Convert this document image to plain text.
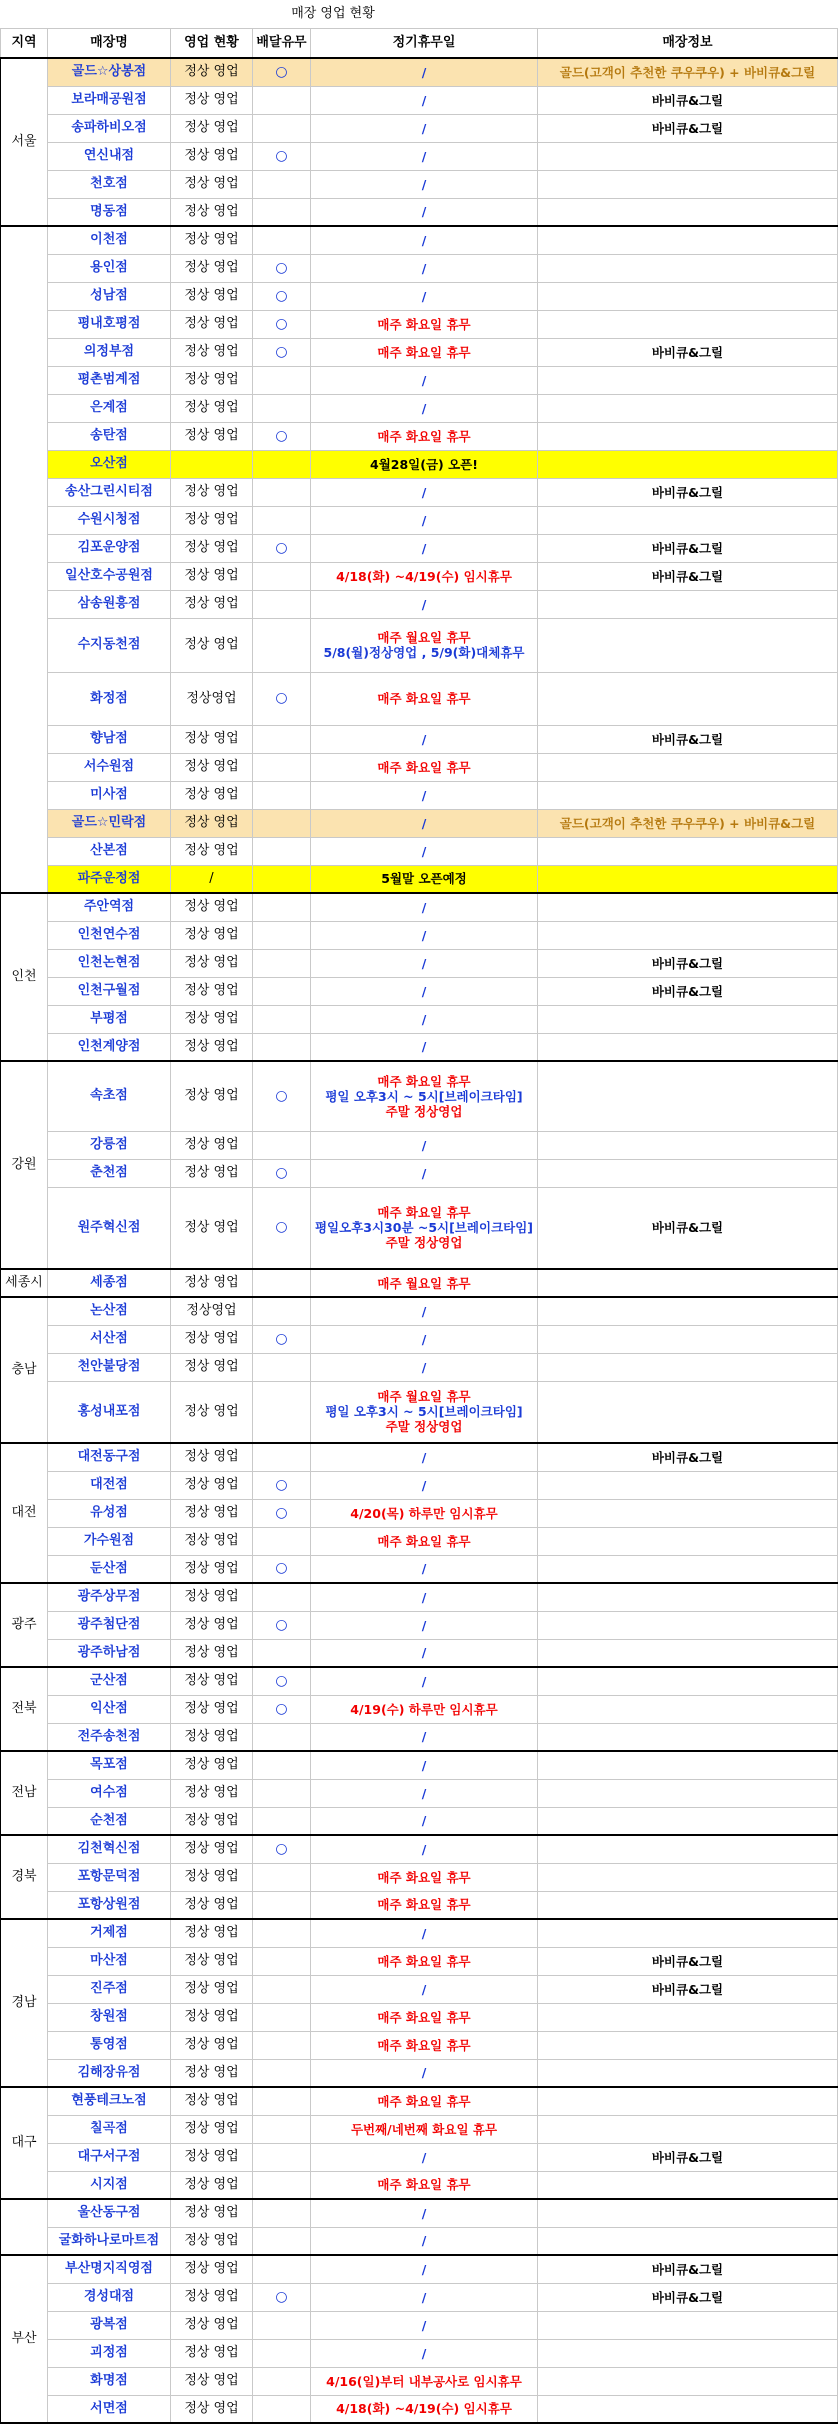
매장 영업 현황
지역	매장명	영업 현황	배달유무	정기휴무일	매장정보
서울	골드☆상봉점	정상 영업	○	/	골드(고객이 추천한 쿠우쿠우) + 바비큐&그릴
	보라매공원점	정상 영업		/	바비큐&그릴
	송파하비오점	정상 영업		/	바비큐&그릴
	연신내점	정상 영업	○	/	

	천호점	정상 영업		/	

	명동점	정상 영업		/	

	이천점	정상 영업		/	

	용인점	정상 영업	○	/	

	성남점	정상 영업	○	/	

	평내호평점	정상 영업	○	매주 화요일 휴무	

	의정부점	정상 영업	○	매주 화요일 휴무	바비큐&그릴
	평촌범계점	정상 영업		/	

	은계점	정상 영업		/	

	송탄점	정상 영업	○	매주 화요일 휴무	

	오산점			4월28일(금) 오픈!	

	송산그린시티점	정상 영업		/	바비큐&그릴
	수원시청점	정상 영업		/	

	김포운양점	정상 영업	○	/	바비큐&그릴
	일산호수공원점	정상 영업		4/18(화) ~4/19(수) 임시휴무	바비큐&그릴
	삼송원흥점	정상 영업		/	

	수지동천점	정상 영업		매주 월요일 휴무
5/8(월)정상영업 , 5/9(화)대체휴무	

	화정점	정상영업	○	매주 화요일 휴무	

	향남점	정상 영업		/	바비큐&그릴
	서수원점	정상 영업		매주 화요일 휴무	

	미사점	정상 영업		/	

	골드☆민락점	정상 영업		/	골드(고객이 추천한 쿠우쿠우) + 바비큐&그릴
	산본점	정상 영업		/	

	파주운정점	/		5월말 오픈예정	

인천	주안역점	정상 영업		/	

	인천연수점	정상 영업		/	

	인천논현점	정상 영업		/	바비큐&그릴
	인천구월점	정상 영업		/	바비큐&그릴
	부평점	정상 영업		/	

	인천계양점	정상 영업		/	

강원	속초점	정상 영업	○	매주 화요일 휴무
평일 오후3시 ~ 5시[브레이크타임]
주말 정상영업	

	강릉점	정상 영업		/	

	춘천점	정상 영업	○	/	

	원주혁신점	정상 영업	○	매주 화요일 휴무
평일오후3시30분 ~5시[브레이크타임]
주말 정상영업	바비큐&그릴
세종시	세종점	정상 영업		매주 월요일 휴무	

충남	논산점	정상영업		/	

	서산점	정상 영업	○	/	

	천안불당점	정상 영업		/	

	홍성내포점	정상 영업		매주 월요일 휴무
평일 오후3시 ~ 5시[브레이크타임]
주말 정상영업	

대전	대전동구점	정상 영업		/	바비큐&그릴
	대전점	정상 영업	○	/	

	유성점	정상 영업	○	4/20(목) 하루만 임시휴무	

	가수원점	정상 영업		매주 화요일 휴무	

	둔산점	정상 영업	○	/	

광주	광주상무점	정상 영업		/	

	광주첨단점	정상 영업	○	/	

	광주하남점	정상 영업		/	

전북	군산점	정상 영업	○	/	

	익산점	정상 영업	○	4/19(수) 하루만 임시휴무	

	전주송천점	정상 영업		/	

전남	목포점	정상 영업		/	

	여수점	정상 영업		/	

	순천점	정상 영업		/	

경북	김천혁신점	정상 영업	○	/	

	포항문덕점	정상 영업		매주 화요일 휴무	

	포항상원점	정상 영업		매주 화요일 휴무	

경남	거제점	정상 영업		/	

	마산점	정상 영업		매주 화요일 휴무	바비큐&그릴
	진주점	정상 영업		/	바비큐&그릴
	창원점	정상 영업		매주 화요일 휴무	

	통영점	정상 영업		매주 화요일 휴무	

	김해장유점	정상 영업		/	

대구	현풍테크노점	정상 영업		매주 화요일 휴무	

	칠곡점	정상 영업		두번째/네번째 화요일 휴무	

	대구서구점	정상 영업		/	바비큐&그릴
	시지점	정상 영업		매주 화요일 휴무	

	울산동구점	정상 영업		/	

	굴화하나로마트점	정상 영업		/	

부산	부산명지직영점	정상 영업		/	바비큐&그릴
	경성대점	정상 영업	○	/	바비큐&그릴
	광복점	정상 영업		/	

	괴정점	정상 영업		/	

	화명점	정상 영업		4/16(일)부터 내부공사로 임시휴무	

	서면점	정상 영업		4/18(화) ~4/19(수) 임시휴무	
